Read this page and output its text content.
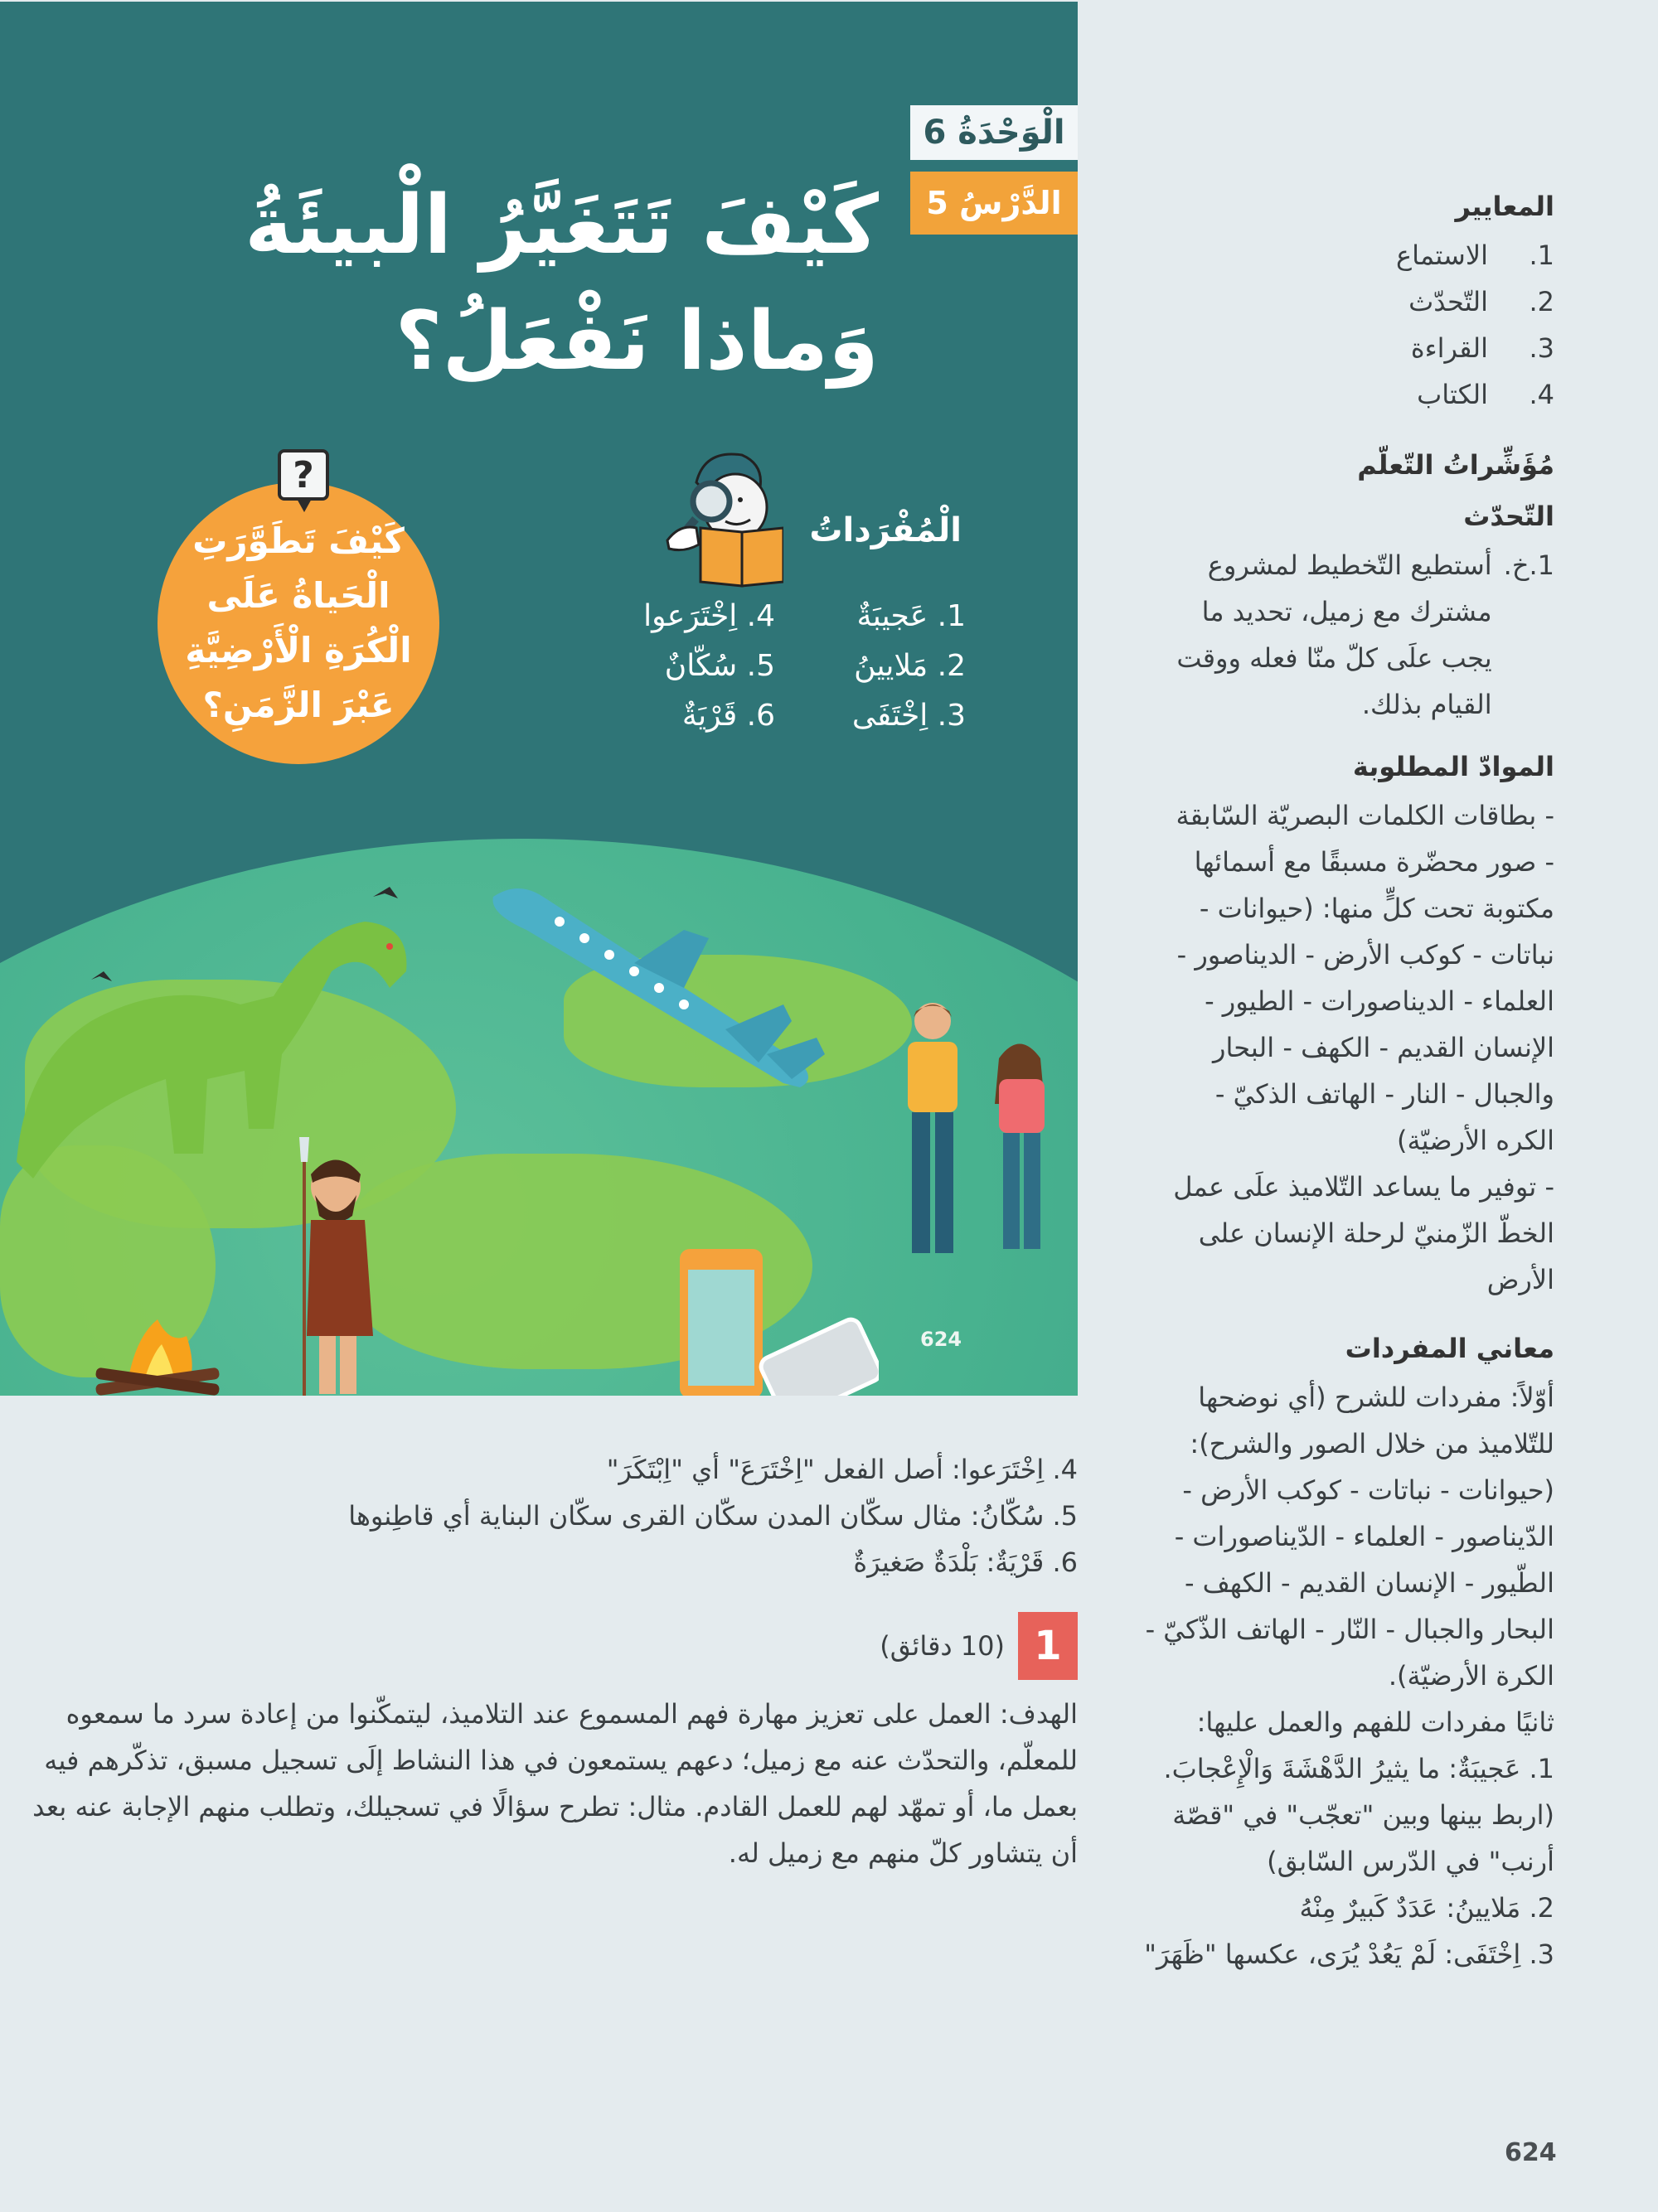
الْوَحْدَةُ 6
الدَّرْسُ 5
كَيْفَ تَتَغَيَّرُ الْبيئَةُ
وَماذا نَفْعَلُ؟
?
كَيْفَ تَطَوَّرَتِ الْحَياةُ عَلَى الْكُرَةِ الْأَرْضِيَّةِ عَبْرَ الزَّمَنِ؟
الْمُفْرَداتُ
1. عَجيبَةٌ
2. مَلايينُ
3. اِخْتَفَى
4. اِخْتَرَعوا
5. سُكّانٌ
6. قَرْيَةٌ
624
المعايير
1.
الاستماع
2.
التّحدّث
3.
القراءة
4.
الكتاب
مُؤَشِّراتُ التّعلّم
التّحدّث
1.خ.
أستطيع التّخطيط لمشروع مشترك مع زميل، تحديد ما يجب علَى كلّ منّا فعله ووقت القيام بذلك.
الموادّ المطلوبة
- بطاقات الكلمات البصريّة السّابقة
- صور محضّرة مسبقًا مع أسمائها مكتوبة تحت كلٍّ منها: (حيوانات - نباتات - كوكب الأرض - الديناصور - العلماء - الديناصورات - الطيور - الإنسان القديم - الكهف - البحار والجبال - النار - الهاتف الذكيّ - الكره الأرضيّة)
- توفير ما يساعد التّلاميذ علَى عمل الخطّ الزّمنيّ لرحلة الإنسان على الأرض
معاني المفردات
أوّلاً: مفردات للشرح (أي نوضحها للتّلاميذ من خلال الصور والشرح): (حيوانات - نباتات - كوكب الأرض - الدّيناصور - العلماء - الدّيناصورات - الطّيور - الإنسان القديم - الكهف - البحار والجبال - النّار - الهاتف الذّكيّ - الكرة الأرضيّة).
ثانيًا مفردات للفهم والعمل عليها:
1. عَجيبَةٌ: ما يثيرُ الدَّهْشَةَ وَالْإِعْجابَ. (اربط بينها وبين "تعجّب" في "قصّة أرنب" في الدّرس السّابق)
2. مَلايينُ: عَدَدٌ كَبيرٌ مِنْهُ
3. اِخْتَفَى: لَمْ يَعُدْ يُرَى، عكسها "ظَهَرَ"
4. اِخْتَرَعوا: أصل الفعل "اِخْتَرَعَ" أي "اِبْتَكَرَ"
5. سُكّانُ: مثال سكّان المدن سكّان القرى سكّان البناية أي قاطِنوها
6. قَرْيَةٌ: بَلْدَةٌ صَغيرَةٌ
1
(10 دقائق)
الهدف: العمل على تعزيز مهارة فهم المسموع عند التلاميذ، ليتمكّنوا من إعادة سرد ما سمعوه
للمعلّم، والتحدّث عنه مع زميل؛ دعهم يستمعون في هذا النشاط إلَى تسجيل مسبق، تذكّرهم فيه
بعمل ما، أو تمهّد لهم للعمل القادم. مثال: تطرح سؤالًا في تسجيلك، وتطلب منهم الإجابة عنه بعد
أن يتشاور كلّ منهم مع زميل له.
624
